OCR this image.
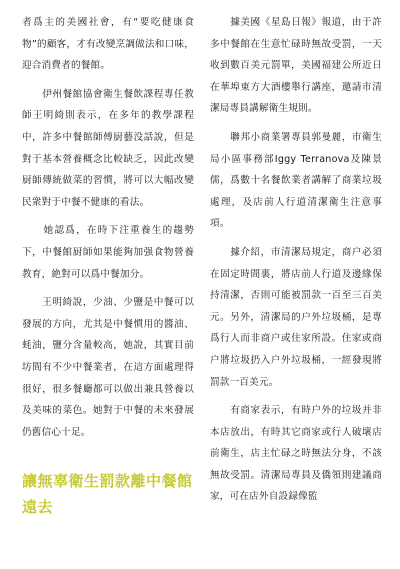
者爲主的美國社會，有“要吃健康食物”的顧客，才有改變烹調做法和口味，迎合消費者的餐館。

　　伊州餐館協會衛生餐飲課程專任教師王明綺則表示，在多年的教學課程中，許多中餐館師傅厨藝没話說，但是對于基本營養概念比較缺乏，因此改變厨師傳統做菜的習慣，將可以大幅改變民衆對于中餐不健康的看法。

　　她認爲，在時下注重養生的趨勢下，中餐館厨師如果能夠加强食物營養教育，絶對可以爲中餐加分。

　　王明綺說，少油、少鹽是中餐可以發展的方向，尤其是中餐慣用的醬油、蚝油，鹽分含量較高，她說，其實目前坊間有不少中餐業者，在這方面處理得很好，很多餐廳都可以做出兼具營養以及美味的菜色。她對于中餐的未來發展仍舊信心十足。

讓無辜衛生罰款離中餐館遠去

　　據美國《星島日報》報道，由于許多中餐館在生意忙碌時無故受罰，一天收到數百美元罰單，美國福建公所近日在華埠東方大酒樓舉行講座，邀請市清潔局專員講解衛生規則。

　　聯邦小商業署專員郭曼麗，市衛生局小區事務部Iggy Terranova及陳景儒，爲數十名餐飲業者講解了商業垃圾處理，及店前人行道清潔衛生注意事項。

　　據介紹，市清潔局規定，商户必須在固定時間裏，將店前人行道及邊緣保持清潔，否則可能被罰款一百至三百美元。另外，清潔局的户外垃圾桶，是專爲行人而非商户或住家所設。住家或商户將垃圾扔入户外垃圾桶，一經發現將罰款一百美元。

　　有商家表示，有時户外的垃圾并非本店放出，有時其它商家或行人破壞店前衛生，店主忙碌之時無法分身，不該無故受罰。清潔局專員及僑領則建議商家，可在店外自設録像監
